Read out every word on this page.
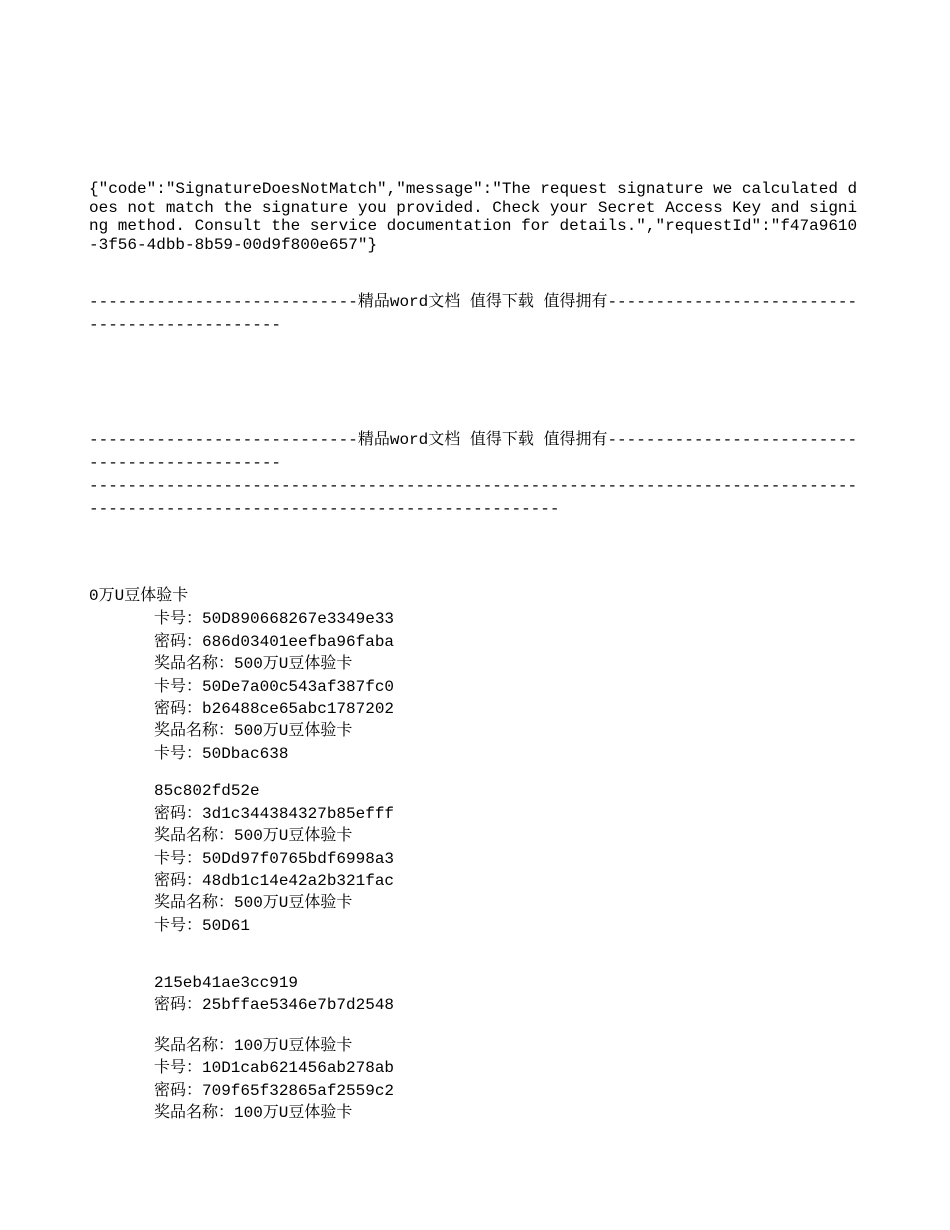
{"code":"SignatureDoesNotMatch","message":"The request signature we calculated does not match the signature you provided. Check your Secret Access Key and signing method. Consult the service documentation for details.","requestId":"f47a9610-3f56-4dbb-8b59-00d9f800e657"}

----------------------------精品word文档 值得下载 值得拥有----------------------------------------------

----------------------------精品word文档 值得下载 值得拥有----------------------------------------------

---------------------------------------------------------------------------------------------------------------------------------

0万U豆体验卡
卡号：50D890668267e3349e33
密码：686d03401eefba96faba
奖品名称：500万U豆体验卡
卡号：50De7a00c543af387fc0
密码：b26488ce65abc1787202
奖品名称：500万U豆体验卡
卡号：50Dbac638
85c802fd52e
密码：3d1c344384327b85efff
奖品名称：500万U豆体验卡
卡号：50Dd97f0765bdf6998a3
密码：48db1c14e42a2b321fac
奖品名称：500万U豆体验卡
卡号：50D61
215eb41ae3cc919
密码：25bffae5346e7b7d2548
奖品名称：100万U豆体验卡
卡号：10D1cab621456ab278ab
密码：709f65f32865af2559c2
奖品名称：100万U豆体验卡
